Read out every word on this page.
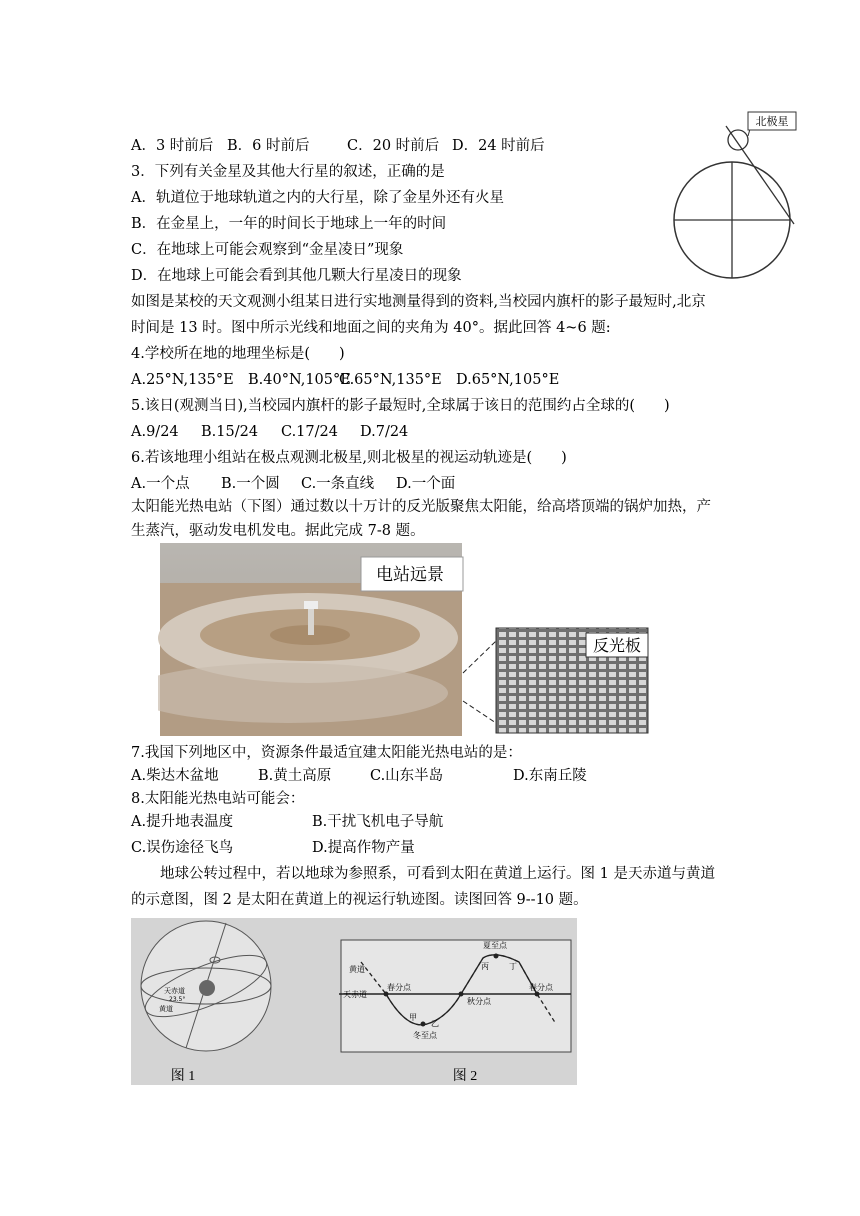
A．3 时前后 B．6 时前后	C．20 时前后 D．24 时前后
3．下列有关金星及其他大行星的叙述，正确的是
A．轨道位于地球轨道之内的大行星，除了金星外还有火星
B．在金星上，一年的时间长于地球上一年的时间
C．在地球上可能会观察到“金星凌日”现象
D．在地球上可能会看到其他几颗大行星凌日的现象
北极星
如图是某校的天文观测小组某日进行实地测量得到的资料,当校园内旗杆的影子最短时,北京
时间是 13 时。图中所示光线和地面之间的夹角为 40°。据此回答 4~6 题:
4.学校所在地的地理坐标是(　　)
A.25°N,135°E B.40°N,105°E
C.65°N,135°E D.65°N,105°E
5.该日(观测当日),当校园内旗杆的影子最短时,全球属于该日的范围约占全球的(　　)
A.9/24 B.15/24 C.17/24 D.7/24
6.若该地理小组站在极点观测北极星,则北极星的视运动轨迹是(　　)
A.一个点 B.一个圆 C.一条直线 D.一个面
太阳能光热电站（下图）通过数以十万计的反光版聚焦太阳能，给高塔顶端的锅炉加热，产
生蒸汽，驱动发电机发电。据此完成 7-8 题。
电站远景
反光板
7.我国下列地区中，资源条件最适宜建太阳能光热电站的是：
A.柴达木盆地	B.黄土高原	C.山东半岛	D.东南丘陵
8.太阳能光热电站可能会：
A.提升地表温度	B.干扰飞机电子导航
C.误伤途径飞鸟	D.提高作物产量
地球公转过程中，若以地球为参照系，可看到太阳在黄道上运行。图 1 是天赤道与黄道
的示意图，图 2 是太阳在黄道上的视运行轨迹图。读图回答 9--10 题。
天赤道
黄道
23.5°
图 1
黄道
天赤道
春分点
秋分点
夏至点
冬至点
春分点
甲
乙
丙	丁
图 2
